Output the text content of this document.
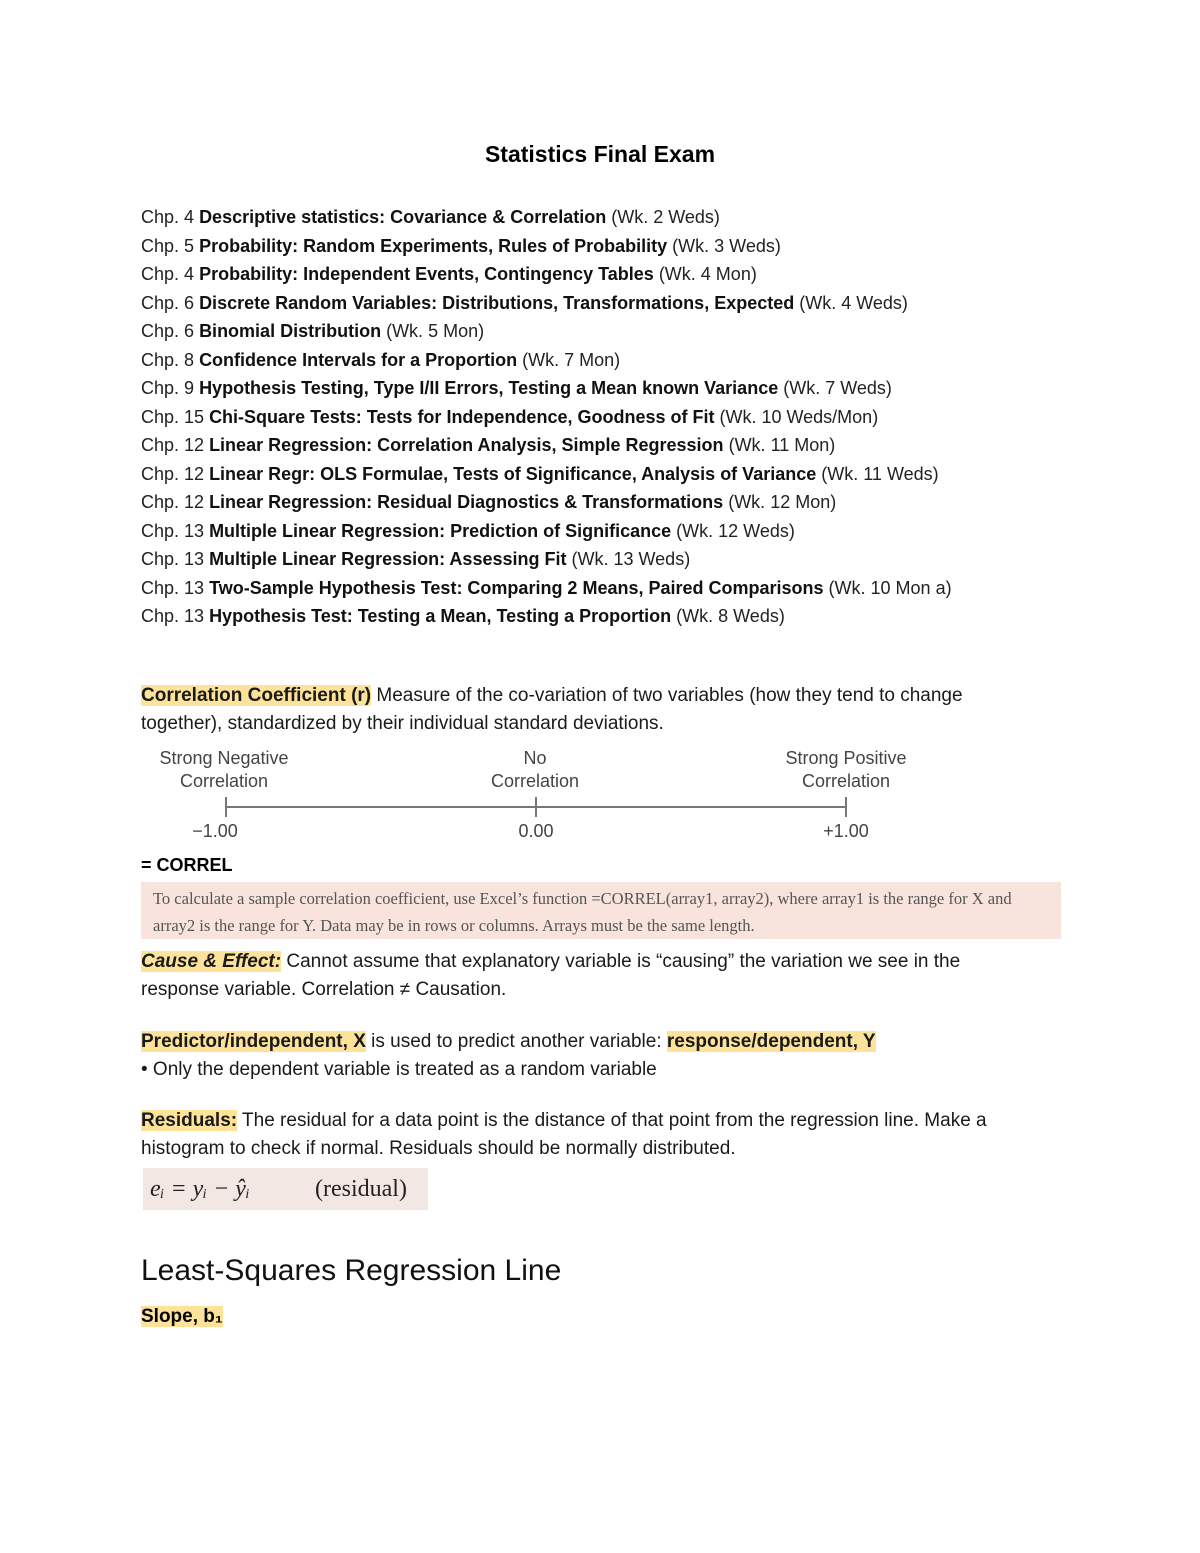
Statistics Final Exam
Chp. 4 Descriptive statistics: Covariance & Correlation (Wk. 2 Weds)
Chp. 5 Probability: Random Experiments, Rules of Probability (Wk. 3 Weds)
Chp. 4 Probability: Independent Events, Contingency Tables (Wk. 4 Mon)
Chp. 6 Discrete Random Variables: Distributions, Transformations, Expected (Wk. 4 Weds)
Chp. 6 Binomial Distribution (Wk. 5 Mon)
Chp. 8 Confidence Intervals for a Proportion (Wk. 7 Mon)
Chp. 9 Hypothesis Testing, Type I/II Errors, Testing a Mean known Variance (Wk. 7 Weds)
Chp. 15 Chi-Square Tests: Tests for Independence, Goodness of Fit (Wk. 10 Weds/Mon)
Chp. 12 Linear Regression: Correlation Analysis, Simple Regression (Wk. 11 Mon)
Chp. 12 Linear Regr: OLS Formulae, Tests of Significance, Analysis of Variance (Wk. 11 Weds)
Chp. 12 Linear Regression: Residual Diagnostics & Transformations (Wk. 12 Mon)
Chp. 13 Multiple Linear Regression: Prediction of Significance (Wk. 12 Weds)
Chp. 13 Multiple Linear Regression: Assessing Fit (Wk. 13 Weds)
Chp. 13 Two-Sample Hypothesis Test: Comparing 2 Means, Paired Comparisons (Wk. 10 Mon a)
Chp. 13 Hypothesis Test: Testing a Mean, Testing a Proportion (Wk. 8 Weds)
Correlation Coefficient (r) Measure of the co-variation of two variables (how they tend to change together), standardized by their individual standard deviations.
Strong Negative
Correlation
No
Correlation
Strong Positive
Correlation
−1.00	0.00	+1.00
= CORREL
To calculate a sample correlation coefficient, use Excel’s function =CORREL(array1, array2), where array1 is the range for X and array2 is the range for Y. Data may be in rows or columns. Arrays must be the same length.
Cause & Effect: Cannot assume that explanatory variable is “causing” the variation we see in the response variable. Correlation ≠ Causation.
Predictor/independent, X is used to predict another variable: response/dependent, Y
• Only the dependent variable is treated as a random variable
Residuals: The residual for a data point is the distance of that point from the regression line. Make a histogram to check if normal. Residuals should be normally distributed.
eᵢ = yᵢ − ŷᵢ	(residual)
Least-Squares Regression Line
Slope, b₁
